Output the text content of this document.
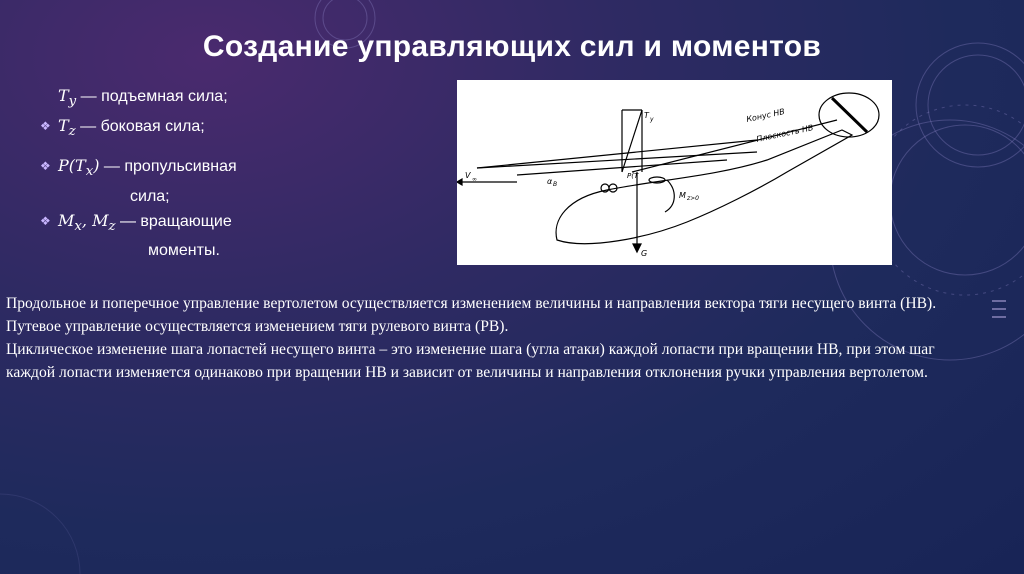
Создание управляющих сил и моментов
$T_y$ — подъемная сила;
❖ $T_z$ — боковая сила;
❖ $P(T_x)$ — пропульсивная
сила;
❖ $M_x$, $M_z$ — вращающие
моменты.
Конус НВ
Плоскость НВ
T y
V ∞	α B
P(T
M z>0
G

Продольное и поперечное управление вертолетом осуществляется изменением величины и направления вектора тяги несущего винта (НВ).

Путевое управление осуществляется изменением тяги рулевого винта (РВ).

Циклическое изменение шага лопастей несущего винта – это изменение шага (угла атаки) каждой лопасти при вращении НВ, при этом шаг каждой лопасти изменяется одинаково при вращении НВ и зависит от величины и направления отклонения ручки управления вертолетом.
